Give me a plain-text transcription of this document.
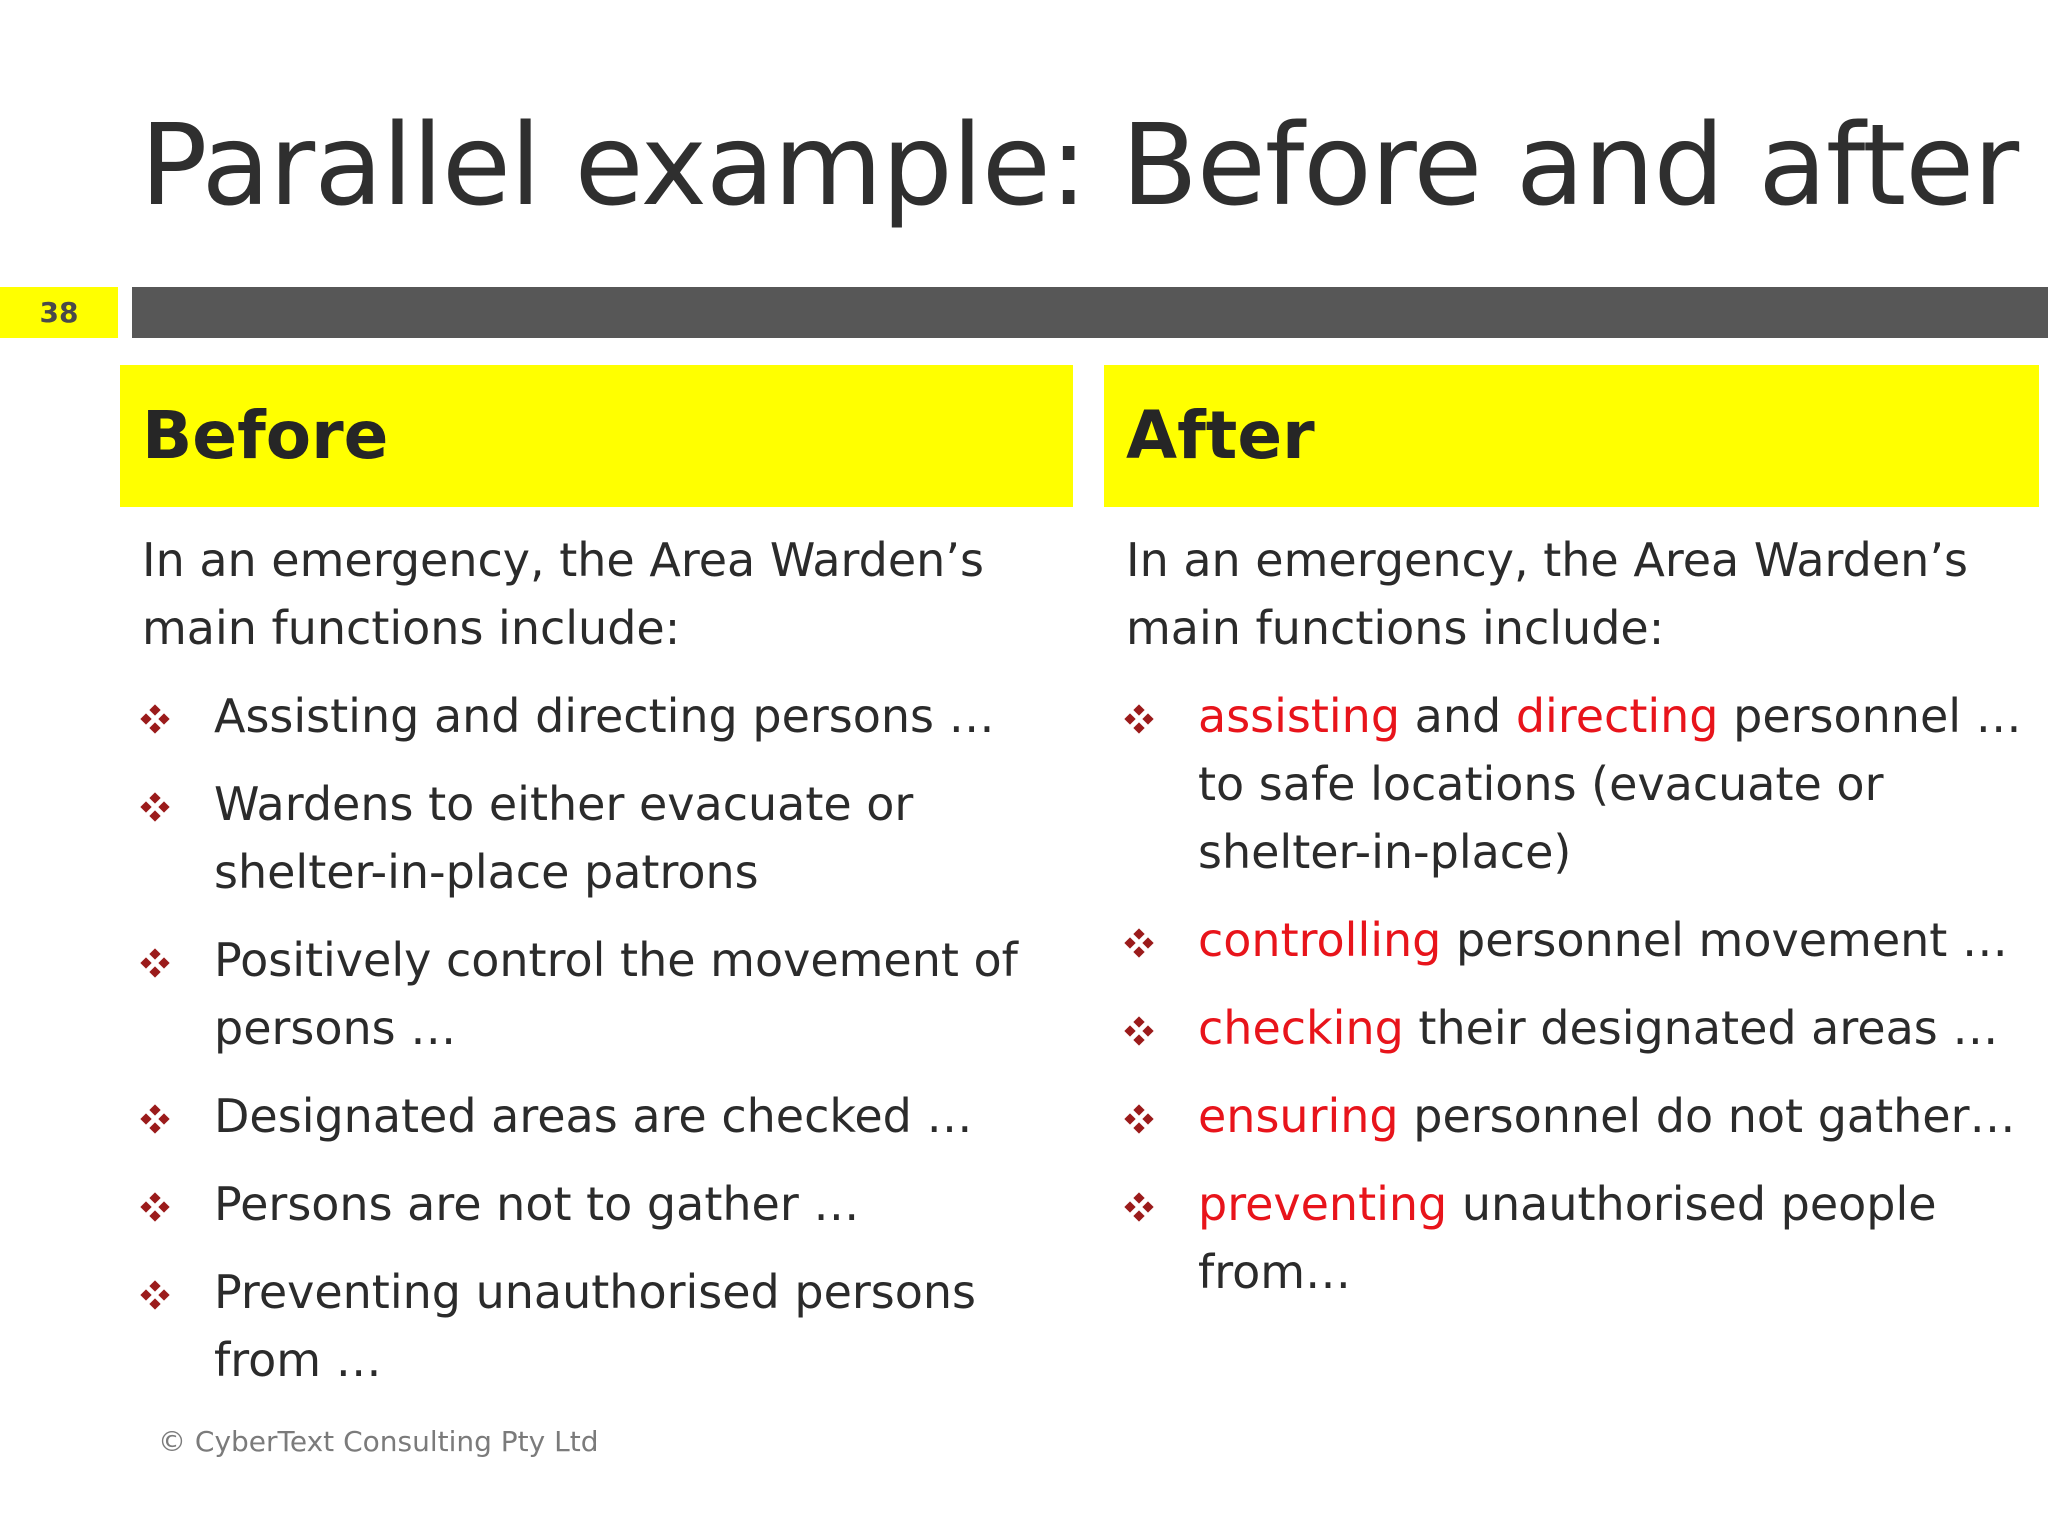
Parallel example: Before and after
38
Before	After

In an emergency, the Area Warden’s main functions include:

Assisting and directing persons …
Wardens to either evacuate or shelter-in-place patrons
Positively control the movement of persons …
Designated areas are checked …
Persons are not to gather …
Preventing unauthorised persons from …

In an emergency, the Area Warden’s main functions include:

assisting and directing personnel … to safe locations (evacuate or shelter-in-place)
controlling personnel movement …
checking their designated areas …
ensuring personnel do not gather…
preventing unauthorised people from…
© CyberText Consulting Pty Ltd
